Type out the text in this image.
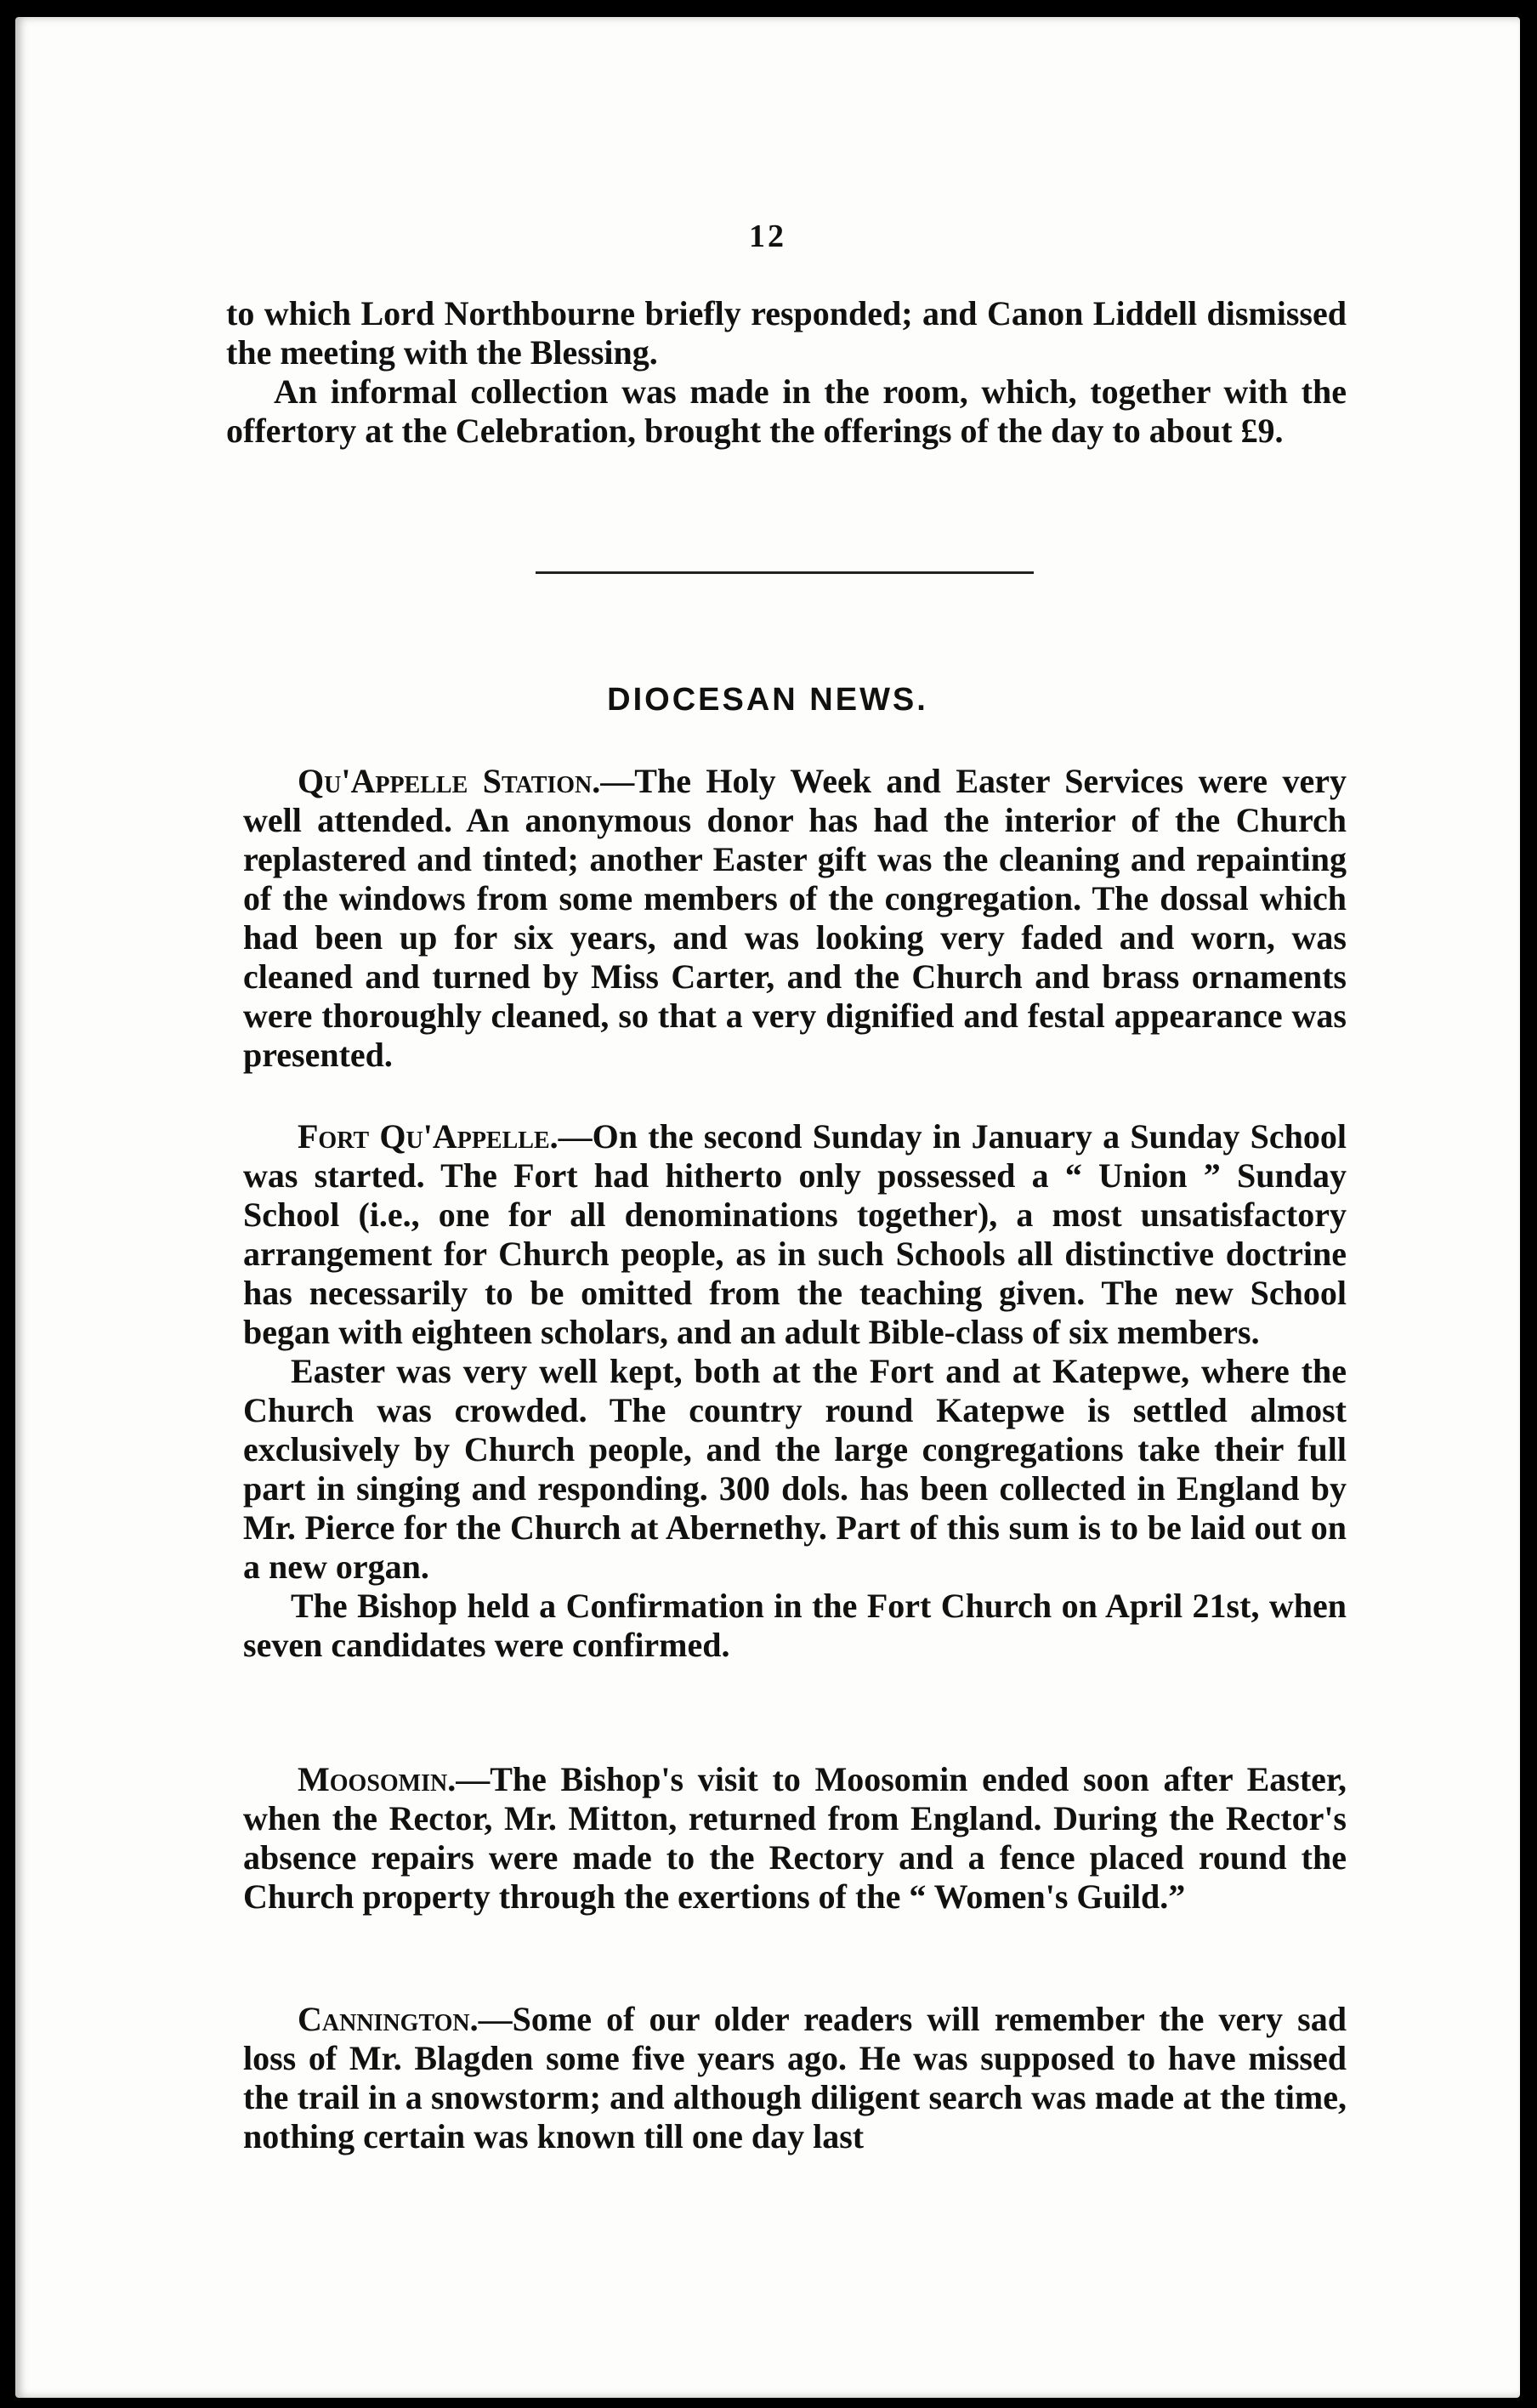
12

to which Lord Northbourne briefly responded; and Canon Liddell dismissed the meeting with the Blessing.

An informal collection was made in the room, which, together with the offertory at the Celebration, brought the offerings of the day to about £9.

DIOCESAN NEWS.

Qu'Appelle Station.—The Holy Week and Easter Services were very well attended. An anonymous donor has had the interior of the Church replastered and tinted; another Easter gift was the cleaning and repainting of the windows from some members of the congregation. The dossal which had been up for six years, and was looking very faded and worn, was cleaned and turned by Miss Carter, and the Church and brass ornaments were thoroughly cleaned, so that a very dignified and festal appearance was presented.

Fort Qu'Appelle.—On the second Sunday in January a Sunday School was started. The Fort had hitherto only possessed a “ Union ” Sunday School (i.e., one for all denominations together), a most unsatisfactory arrangement for Church people, as in such Schools all distinctive doctrine has necessarily to be omitted from the teaching given. The new School began with eighteen scholars, and an adult Bible-class of six members.

Easter was very well kept, both at the Fort and at Katepwe, where the Church was crowded. The country round Katepwe is settled almost exclusively by Church people, and the large congregations take their full part in singing and responding. 300 dols. has been collected in England by Mr. Pierce for the Church at Abernethy. Part of this sum is to be laid out on a new organ.

The Bishop held a Confirmation in the Fort Church on April 21st, when seven candidates were confirmed.

Moosomin.—The Bishop's visit to Moosomin ended soon after Easter, when the Rector, Mr. Mitton, returned from England. During the Rector's absence repairs were made to the Rectory and a fence placed round the Church property through the exertions of the “ Women's Guild.”

Cannington.—Some of our older readers will remember the very sad loss of Mr. Blagden some five years ago. He was supposed to have missed the trail in a snowstorm; and although diligent search was made at the time, nothing certain was known till one day last
